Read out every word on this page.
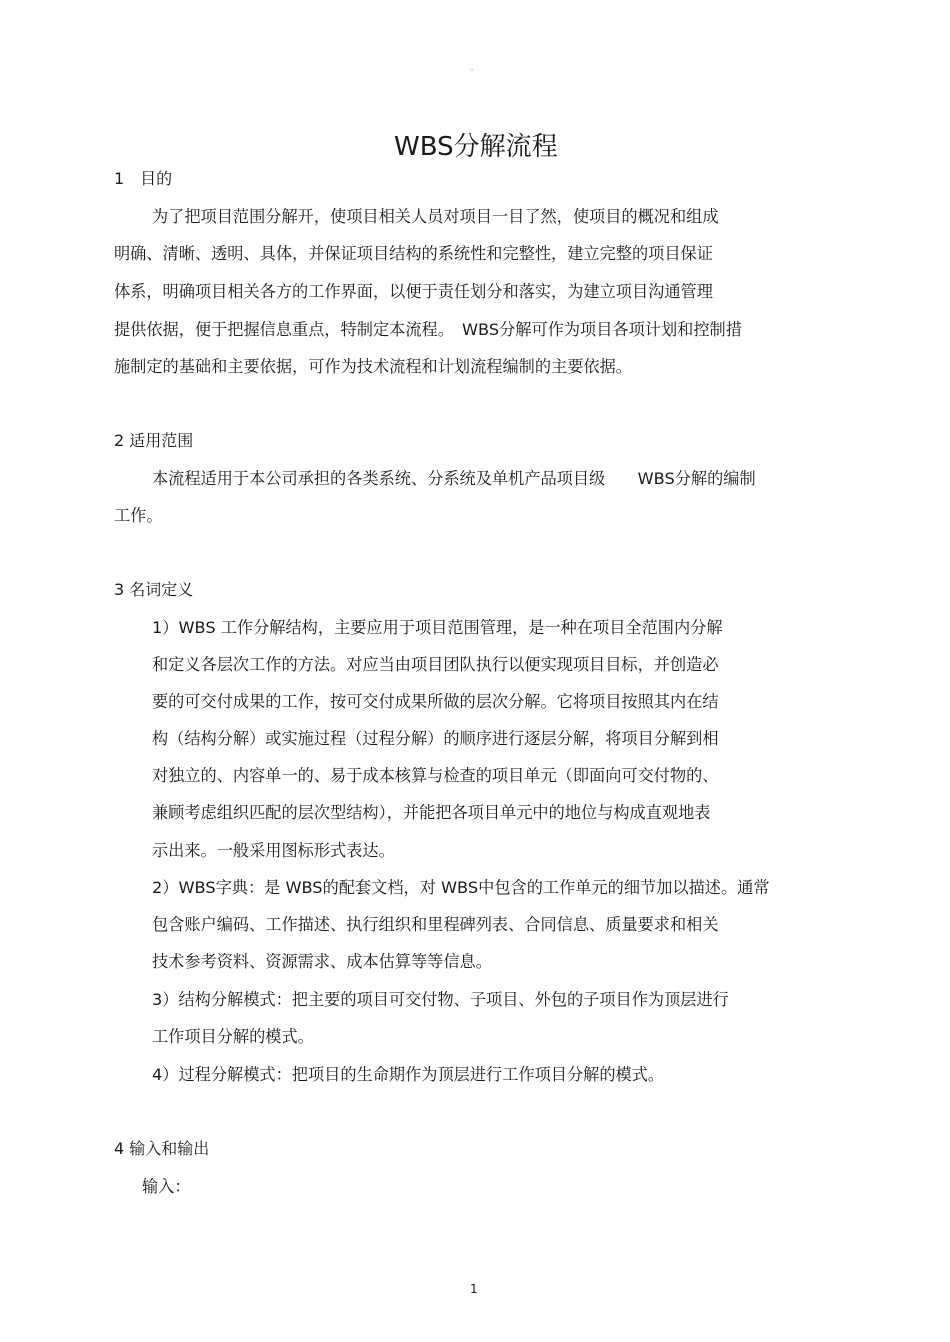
。
WBS分解流程
1　目的
为了把项目范围分解开，使项目相关人员对项目一目了然，使项目的概况和组成
明确、清晰、透明、具体，并保证项目结构的系统性和完整性，建立完整的项目保证
体系，明确项目相关各方的工作界面，以便于责任划分和落实，为建立项目沟通管理
提供依据，便于把握信息重点，特制定本流程。　WBS分解可作为项目各项计划和控制措
施制定的基础和主要依据，可作为技术流程和计划流程编制的主要依据。
2 适用范围
本流程适用于本公司承担的各类系统、分系统及单机产品项目级　　WBS分解的编制
工作。
3 名词定义
1）WBS 工作分解结构，主要应用于项目范围管理，是一种在项目全范围内分解
和定义各层次工作的方法。对应当由项目团队执行以便实现项目目标，并创造必
要的可交付成果的工作，按可交付成果所做的层次分解。它将项目按照其内在结
构（结构分解）或实施过程（过程分解）的顺序进行逐层分解，将项目分解到相
对独立的、内容单一的、易于成本核算与检查的项目单元（即面向可交付物的、
兼顾考虑组织匹配的层次型结构），并能把各项目单元中的地位与构成直观地表
示出来。一般采用图标形式表达。
2）WBS字典：是 WBS的配套文档，对 WBS中包含的工作单元的细节加以描述。通常
包含账户编码、工作描述、执行组织和里程碑列表、合同信息、质量要求和相关
技术参考资料、资源需求、成本估算等等信息。
3）结构分解模式：把主要的项目可交付物、子项目、外包的子项目作为顶层进行
工作项目分解的模式。
4）过程分解模式：把项目的生命期作为顶层进行工作项目分解的模式。
4 输入和输出
输入：
1
